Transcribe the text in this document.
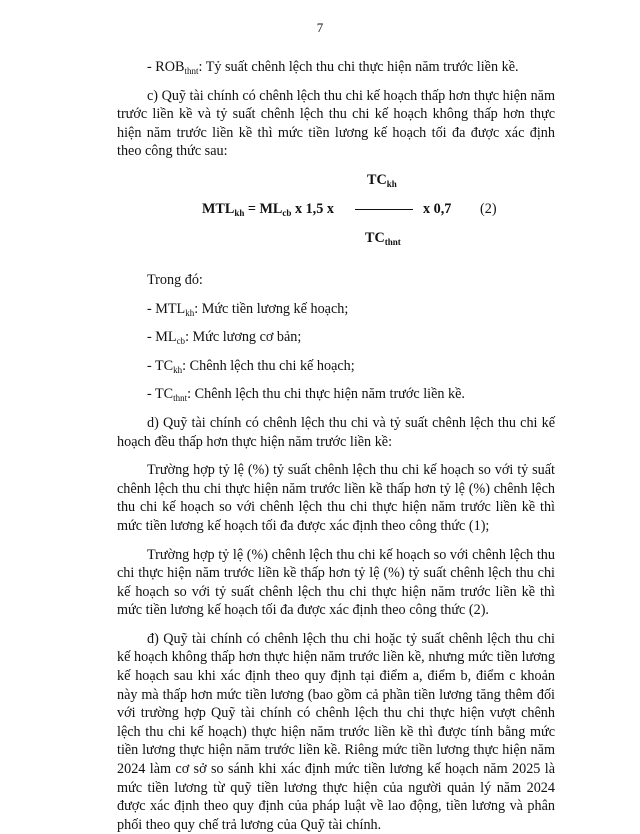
7

- $ROB_{thnt}$: Tỷ suất chênh lệch thu chi thực hiện năm trước liền kề.

c) Quỹ tài chính có chênh lệch thu chi kế hoạch thấp hơn thực hiện năm trước liền kề và tỷ suất chênh lệch thu chi kế hoạch không thấp hơn thực hiện năm trước liền kề thì mức tiền lương kế hoạch tối đa được xác định theo công thức sau:

$TC_{kh}$
$MTL_{kh} = ML_{cb}$ x 1,5 x	x 0,7
$TC_{thnt}$
(2)

Trong đó:

- $MTL_{kh}$: Mức tiền lương kế hoạch;

- $ML_{cb}$: Mức lương cơ bản;

- $TC_{kh}$: Chênh lệch thu chi kế hoạch;

- $TC_{thnt}$: Chênh lệch thu chi thực hiện năm trước liền kề.

d) Quỹ tài chính có chênh lệch thu chi và tỷ suất chênh lệch thu chi kế hoạch đều thấp hơn thực hiện năm trước liền kề:

Trường hợp tỷ lệ (%) tỷ suất chênh lệch thu chi kế hoạch so với tỷ suất chênh lệch thu chi thực hiện năm trước liền kề thấp hơn tỷ lệ (%) chênh lệch thu chi kế hoạch so với chênh lệch thu chi thực hiện năm trước liền kề thì mức tiền lương kế hoạch tối đa được xác định theo công thức (1);

Trường hợp tỷ lệ (%) chênh lệch thu chi kế hoạch so với chênh lệch thu chi thực hiện năm trước liền kề thấp hơn tỷ lệ (%) tỷ suất chênh lệch thu chi kế hoạch so với tỷ suất chênh lệch thu chi thực hiện năm trước liền kề thì mức tiền lương kế hoạch tối đa được xác định theo công thức (2).

đ) Quỹ tài chính có chênh lệch thu chi hoặc tỷ suất chênh lệch thu chi kế hoạch không thấp hơn thực hiện năm trước liền kề, nhưng mức tiền lương kế hoạch sau khi xác định theo quy định tại điểm a, điểm b, điểm c khoản này mà thấp hơn mức tiền lương (bao gồm cả phần tiền lương tăng thêm đối với trường hợp Quỹ tài chính có chênh lệch thu chi thực hiện vượt chênh lệch thu chi kế hoạch) thực hiện năm trước liền kề thì được tính bằng mức tiền lương thực hiện năm trước liền kề. Riêng mức tiền lương thực hiện năm 2024 làm cơ sở so sánh khi xác định mức tiền lương kế hoạch năm 2025 là mức tiền lương từ quỹ tiền lương thực hiện của người quản lý năm 2024 được xác định theo quy định của pháp luật về lao động, tiền lương và phân phối theo quy chế trả lương của Quỹ tài chính.
